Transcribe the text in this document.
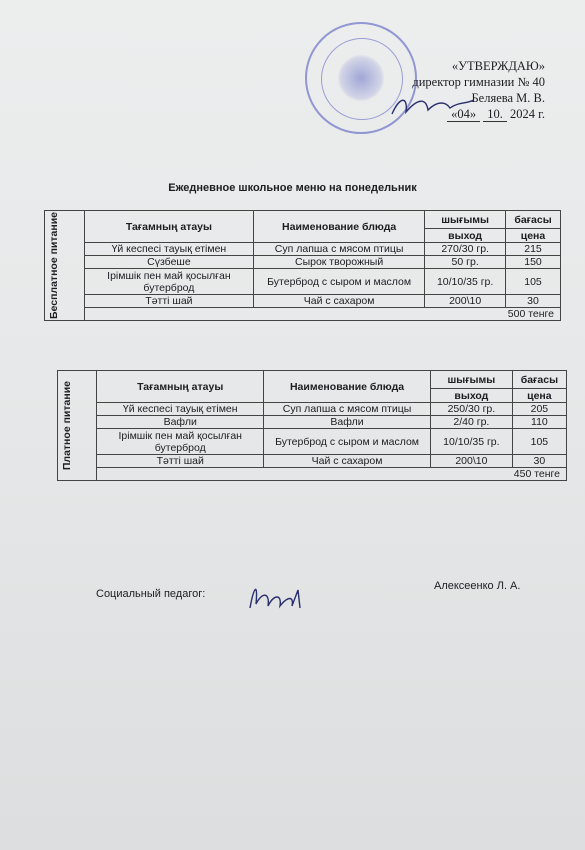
«УТВЕРЖДАЮ»
директор гимназии № 40
Беляева М. В.
«04» 10. 2024 г.
Ежедневное школьное меню на понедельник
Бесплатное питание	Тағамның атауы	Наименование блюда	шығымы	бағасы
			выход	цена
	Үй кеспесі тауық етімен	Суп лапша с мясом птицы	270/30 гр.	215
	Сүзбеше	Сырок творожный	50 гр.	150
	Ірімшік пен май қосылған бутерброд	Бутерброд с сыром и маслом	10/10/35 гр.	105
	Тәтті шай	Чай с сахаром	200\10	30
	500 тенге			
Платное питание	Тағамның атауы	Наименование блюда	шығымы	бағасы
			выход	цена
	Үй кеспесі тауық етімен	Суп лапша с мясом птицы	250/30 гр.	205
	Вафли	Вафли	2/40 гр.	110
	Ірімшік пен май қосылған бутерброд	Бутерброд с сыром и маслом	10/10/35 гр.	105
	Тәтті шай	Чай с сахаром	200\10	30
	450 тенге			
Социальный педагог:
Алексеенко Л. А.
